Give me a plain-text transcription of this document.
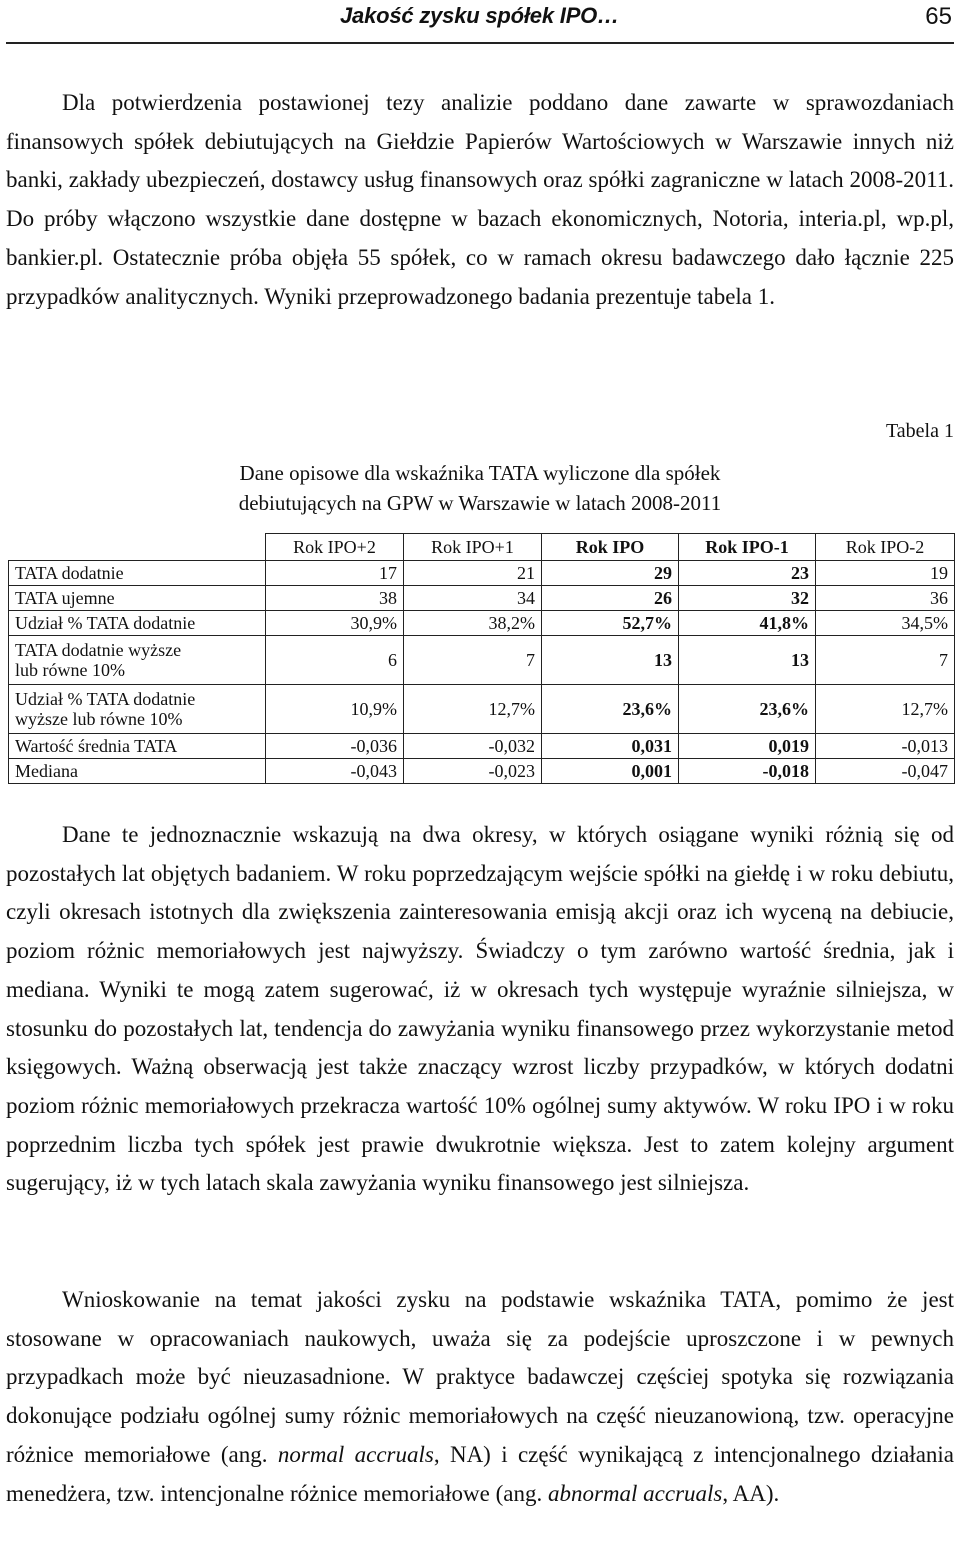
Jakość zysku spółek IPO…	65

Dla potwierdzenia postawionej tezy analizie poddano dane zawarte w sprawozdaniach finansowych spółek debiutujących na Giełdzie Papierów Wartościowych w Warszawie innych niż banki, zakłady ubezpieczeń, dostawcy usług finansowych oraz spółki zagraniczne w latach 2008-2011. Do próby włączono wszystkie dane dostępne w bazach ekonomicznych, Notoria, interia.pl, wp.pl, bankier.pl. Ostatecznie próba objęła 55 spółek, co w ramach okresu badawczego dało łącznie 225 przypadków analitycznych. Wyniki przeprowadzonego badania prezentuje tabela 1.

Tabela 1
Dane opisowe dla wskaźnika TATA wyliczone dla spółek
debiutujących na GPW w Warszawie w latach 2008-2011
	Rok IPO+2	Rok IPO+1	Rok IPO	Rok IPO-1	Rok IPO-2
TATA dodatnie	17	21	29	23	19
TATA ujemne	38	34	26	32	36
Udział % TATA dodatnie	30,9%	38,2%	52,7%	41,8%	34,5%

TATA dodatnie wyższe
lub równe 10%	6	7	13	13	7

Udział % TATA dodatnie
wyższe lub równe 10%	10,9%	12,7%	23,6%	23,6%	12,7%
Wartość średnia TATA	-0,036	-0,032	0,031	0,019	-0,013
Mediana	-0,043	-0,023	0,001	-0,018	-0,047

Dane te jednoznacznie wskazują na dwa okresy, w których osiągane wyniki różnią się od pozostałych lat objętych badaniem. W roku poprzedzającym wejście spółki na giełdę i w roku debiutu, czyli okresach istotnych dla zwiększenia zainteresowania emisją akcji oraz ich wyceną na debiucie, poziom różnic memoriałowych jest najwyższy. Świadczy o tym zarówno wartość średnia, jak i mediana. Wyniki te mogą zatem sugerować, iż w okresach tych występuje wyraźnie silniejsza, w stosunku do pozostałych lat, tendencja do zawyżania wyniku finansowego przez wykorzystanie metod księgowych. Ważną obserwacją jest także znaczący wzrost liczby przypadków, w których dodatni poziom różnic memoriałowych przekracza wartość 10% ogólnej sumy aktywów. W roku IPO i w roku poprzednim liczba tych spółek jest prawie dwukrotnie większa. Jest to zatem kolejny argument sugerujący, iż w tych latach skala zawyżania wyniku finansowego jest silniejsza.

Wnioskowanie na temat jakości zysku na podstawie wskaźnika TATA, pomimo że jest stosowane w opracowaniach naukowych, uważa się za podejście uproszczone i w pewnych przypadkach może być nieuzasadnione. W praktyce badawczej częściej spotyka się rozwiązania dokonujące podziału ogólnej sumy różnic memoriałowych na część nieuzanowioną, tzw. operacyjne różnice memoriałowe (ang. normal accruals, NA) i część wynikającą z intencjonalnego działania menedżera, tzw. intencjonalne różnice memoriałowe (ang. abnormal accruals, AA).
